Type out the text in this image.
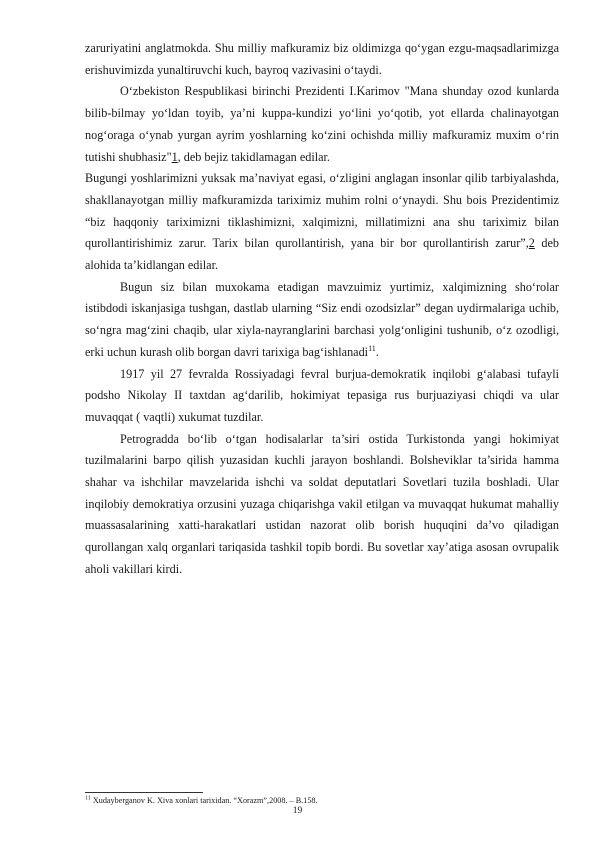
zaruriyatini anglatmokda. Shu milliy mafkuramiz biz oldimizga qo‘ygan ezgu-maqsadlarimizga erishuvimizda yunaltiruvchi kuch, bayroq vazivasini o‘taydi.

O‘zbekiston Respublikasi birinchi Prezidenti I.Karimov "Mana shunday ozod kunlarda bilib-bilmay yo‘ldan toyib, ya’ni kuppa-kundizi yo‘lini yo‘qotib, yot ellarda chalinayotgan nog‘oraga o‘ynab yurgan ayrim yoshlarning ko‘zini ochishda milliy mafkuramiz muxim o‘rin tutishi shubhasiz"1, deb bejiz takidlamagan edilar.

Bugungi yoshlarimizni yuksak ma’naviyat egasi, o‘zligini anglagan insonlar qilib tarbiyalashda, shakllanayotgan milliy mafkuramizda tariximiz muhim rolni o‘ynaydi. Shu bois Prezidentimiz “biz haqqoniy tariximizni tiklashimizni, xalqimizni, millatimizni ana shu tariximiz bilan qurollantirishimiz zarur. Tarix bilan qurollantirish, yana bir bor qurollantirish zarur”,2 deb alohida ta’kidlangan edilar.

Bugun siz bilan muxokama etadigan mavzuimiz yurtimiz, xalqimizning sho‘rolar istibdodi iskanjasiga tushgan, dastlab ularning “Siz endi ozodsizlar” degan uydirmalariga uchib, so‘ngra mag‘zini chaqib, ular xiyla-nayranglarini barchasi yolg‘onligini tushunib, o‘z ozodligi, erki uchun kurash olib borgan davri tarixiga bag‘ishlanadi$^{11}$.

1917 yil 27 fevralda Rossiyadagi fevral burjua-demokratik inqilobi g‘alabasi tufayli podsho Nikolay II taxtdan ag‘darilib, hokimiyat tepasiga rus burjuaziyasi chiqdi va ular muvaqqat ( vaqtli) xukumat tuzdilar.

Petrogradda bo‘lib o‘tgan hodisalarlar ta’siri ostida Turkistonda yangi hokimiyat tuzilmalarini barpo qilish yuzasidan kuchli jarayon boshlandi. Bolsheviklar ta’sirida hamma shahar va ishchilar mavzelarida ishchi va soldat deputatlari Sovetlari tuzila boshladi. Ular inqilobiy demokratiya orzusini yuzaga chiqarishga vakil etilgan va muvaqqat hukumat mahalliy muassasalarining xatti-harakatlari ustidan nazorat olib borish huquqini da’vo qiladigan qurollangan xalq organlari tariqasida tashkil topib bordi. Bu sovetlar xay’atiga asosan ovrupalik aholi vakillari kirdi.

$^{11}$ Xudayberganov K. Xiva xonlari tarixidan. “Xorazm”,2008. – B.158.
19
